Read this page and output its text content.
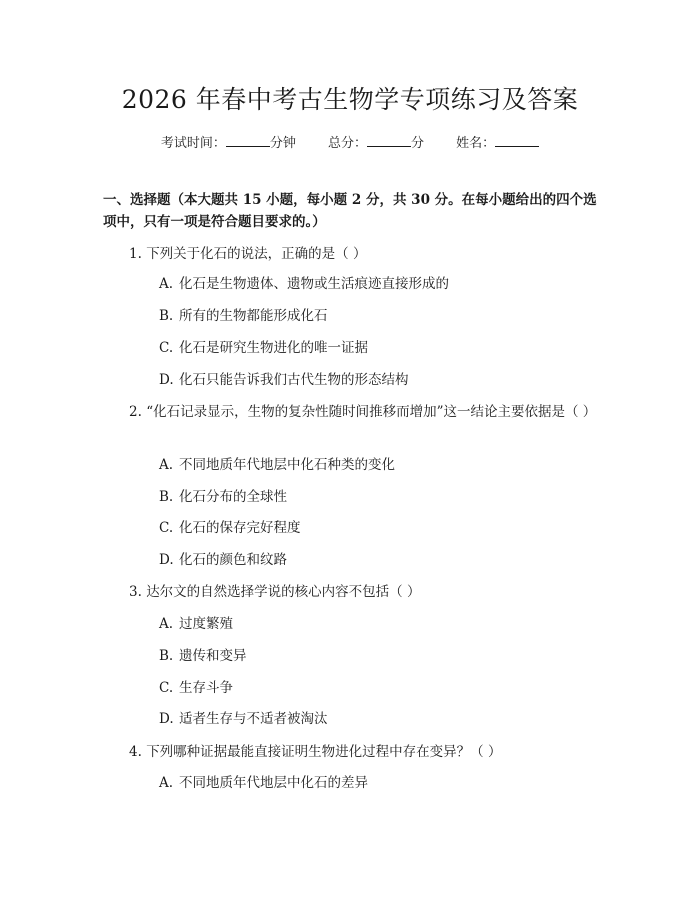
2026 年春中考古生物学专项练习及答案
考试时间：	分钟 总分：	分 姓名：
一、选择题（本大题共 15 小题，每小题 2 分，共 30 分。在每小题给出的四个选项中，只有一项是符合题目要求的。）
1. 下列关于化石的说法，正确的是（ ）
A. 化石是生物遗体、遗物或生活痕迹直接形成的
B. 所有的生物都能形成化石
C. 化石是研究生物进化的唯一证据
D. 化石只能告诉我们古代生物的形态结构
2. “化石记录显示，生物的复杂性随时间推移而增加”这一结论主要依据是（ ）
A. 不同地质年代地层中化石种类的变化
B. 化石分布的全球性
C. 化石的保存完好程度
D. 化石的颜色和纹路
3. 达尔文的自然选择学说的核心内容不包括（ ）
A. 过度繁殖
B. 遗传和变异
C. 生存斗争
D. 适者生存与不适者被淘汰
4. 下列哪种证据最能直接证明生物进化过程中存在变异？（ ）
A. 不同地质年代地层中化石的差异
